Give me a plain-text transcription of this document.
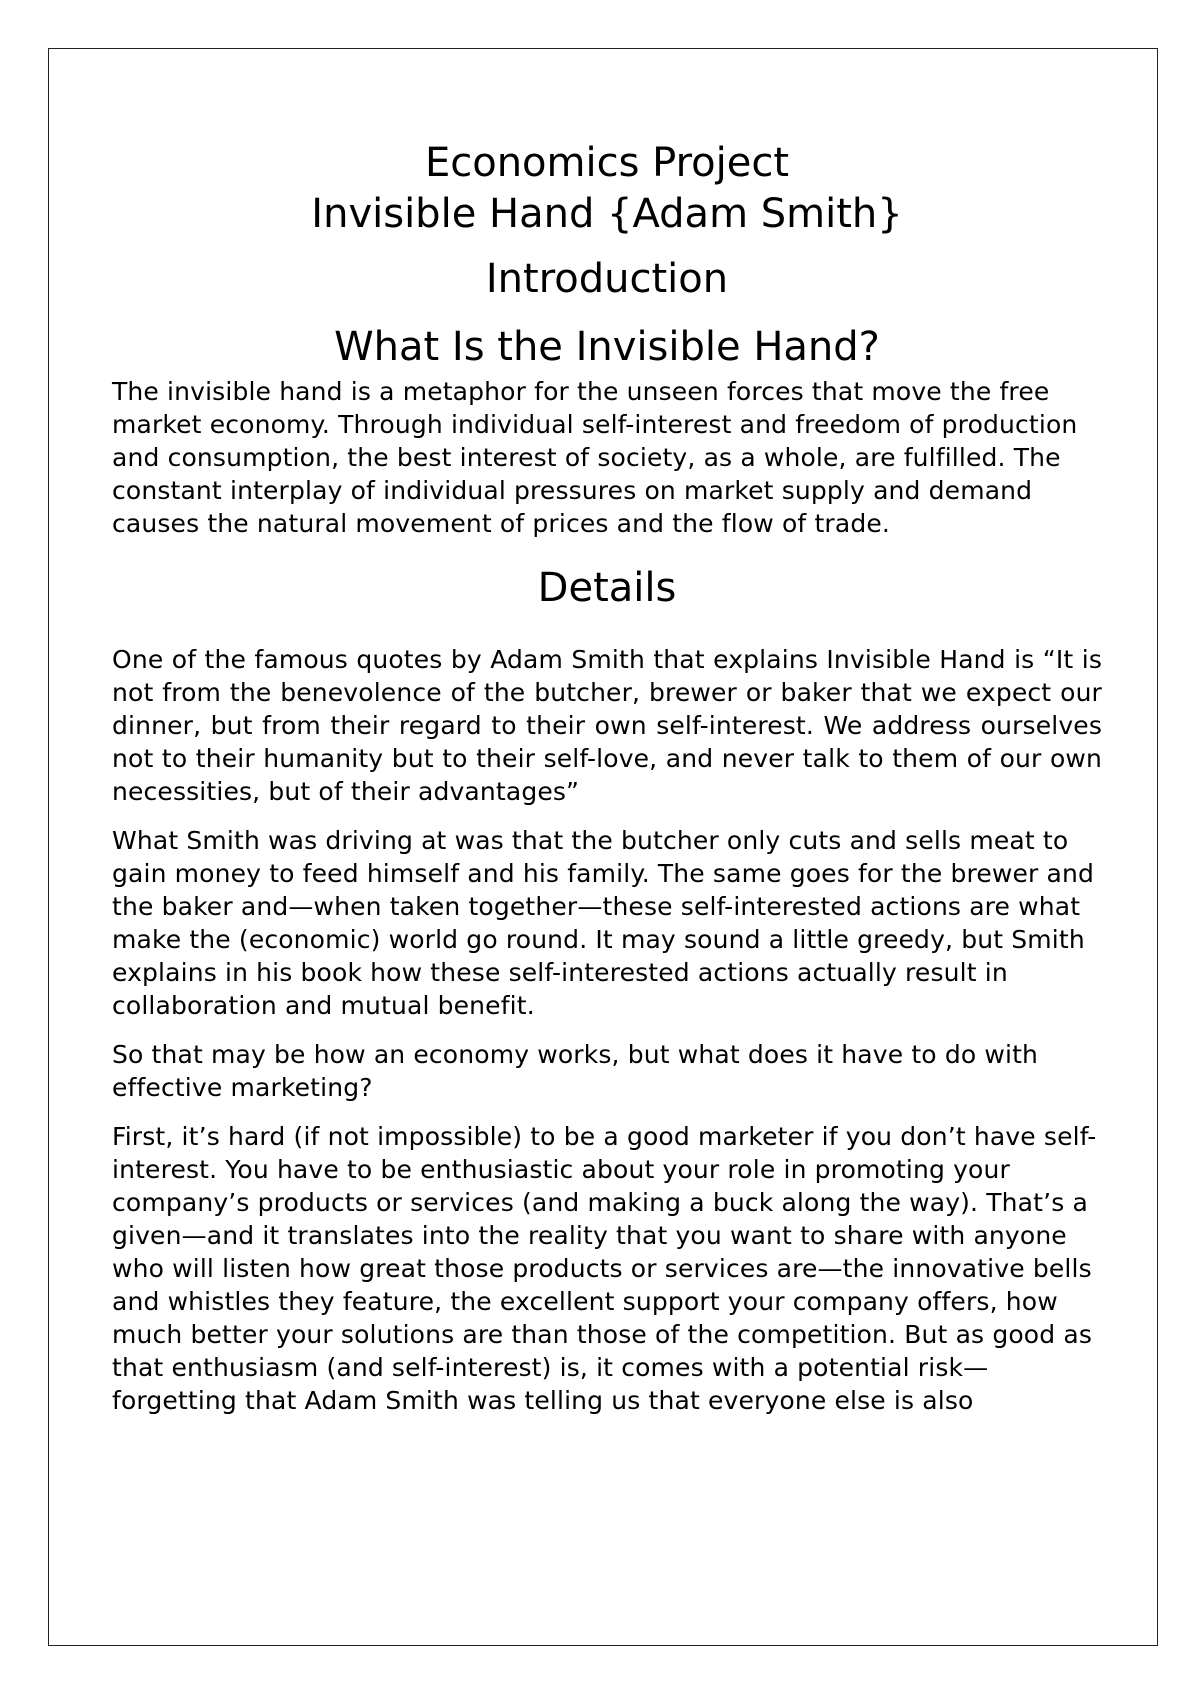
Economics Project
Invisible Hand {Adam Smith}
Introduction
What Is the Invisible Hand?

The invisible hand is a metaphor for the unseen forces that move the free market economy. Through individual self-interest and freedom of production and consumption, the best interest of society, as a whole, are fulfilled. The constant interplay of individual pressures on market supply and demand causes the natural movement of prices and the flow of trade.

Details

One of the famous quotes by Adam Smith that explains Invisible Hand is “It is not from the benevolence of the butcher, brewer or baker that we expect our dinner, but from their regard to their own self-interest. We address ourselves not to their humanity but to their self-love, and never talk to them of our own necessities, but of their advantages”

What Smith was driving at was that the butcher only cuts and sells meat to gain money to feed himself and his family. The same goes for the brewer and the baker and—when taken together—these self-interested actions are what make the (economic) world go round. It may sound a little greedy, but Smith explains in his book how these self-interested actions actually result in collaboration and mutual benefit.

So that may be how an economy works, but what does it have to do with effective marketing?

First, it’s hard (if not impossible) to be a good marketer if you don’t have self- interest. You have to be enthusiastic about your role in promoting your company’s products or services (and making a buck along the way). That’s a given—and it translates into the reality that you want to share with anyone who will listen how great those products or services are—the innovative bells and whistles they feature, the excellent support your company offers, how much better your solutions are than those of the competition. But as good as that enthusiasm (and self-interest) is, it comes with a potential risk—forgetting that Adam Smith was telling us that everyone else is also
